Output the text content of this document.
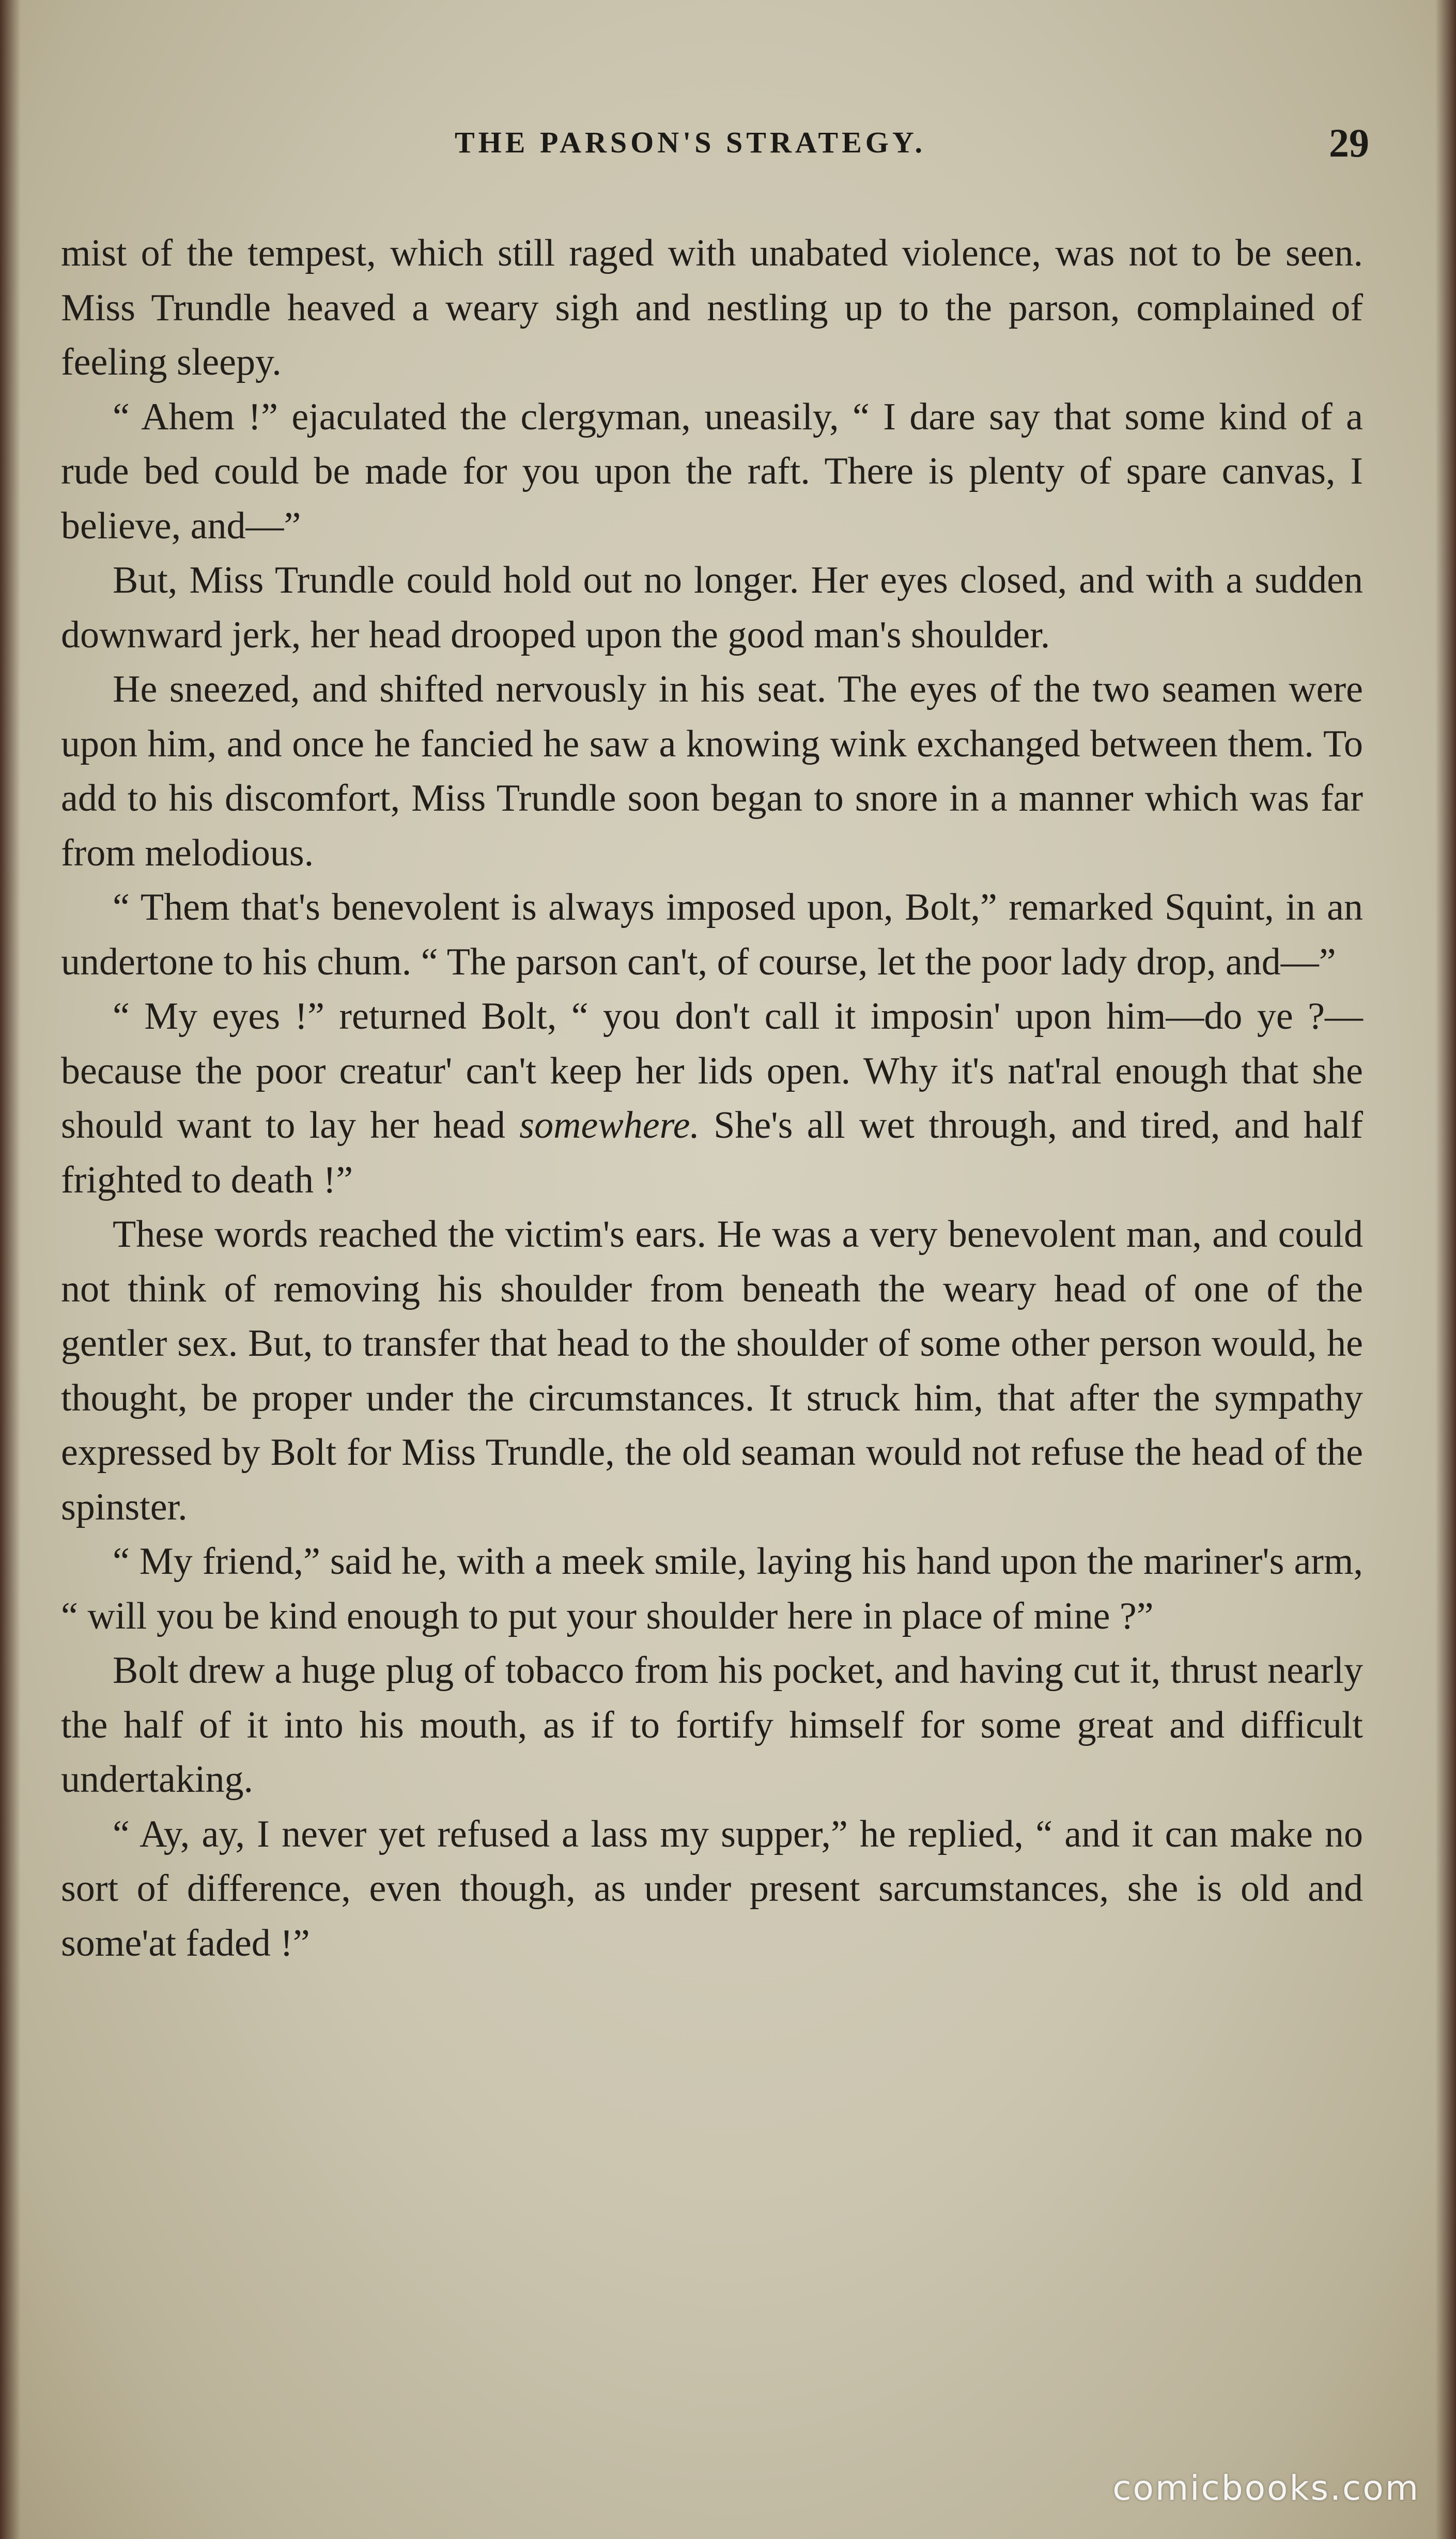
THE PARSON'S STRATEGY.	29

mist of the tempest, which still raged with unabated violence, was not to be seen. Miss Trundle heaved a weary sigh and nestling up to the parson, complained of feeling sleepy.

“ Ahem !” ejaculated the clergyman, uneasily, “ I dare say that some kind of a rude bed could be made for you upon the raft. There is plenty of spare canvas, I believe, and—”

But, Miss Trundle could hold out no longer. Her eyes closed, and with a sudden downward jerk, her head drooped upon the good man's shoulder.

He sneezed, and shifted nervously in his seat. The eyes of the two seamen were upon him, and once he fancied he saw a knowing wink exchanged between them. To add to his discomfort, Miss Trundle soon began to snore in a manner which was far from melodious.

“ Them that's benevolent is always imposed upon, Bolt,” remarked Squint, in an undertone to his chum. “ The parson can't, of course, let the poor lady drop, and—”

“ My eyes !” returned Bolt, “ you don't call it imposin' upon him—do ye ?—because the poor creatur' can't keep her lids open. Why it's nat'ral enough that she should want to lay her head somewhere. She's all wet through, and tired, and half frighted to death !”

These words reached the victim's ears. He was a very benevolent man, and could not think of removing his shoulder from beneath the weary head of one of the gentler sex. But, to transfer that head to the shoulder of some other person would, he thought, be proper under the circumstances. It struck him, that after the sympathy expressed by Bolt for Miss Trundle, the old seaman would not refuse the head of the spinster.

“ My friend,” said he, with a meek smile, laying his hand upon the mariner's arm, “ will you be kind enough to put your shoulder here in place of mine ?”

Bolt drew a huge plug of tobacco from his pocket, and having cut it, thrust nearly the half of it into his mouth, as if to fortify himself for some great and difficult undertaking.

“ Ay, ay, I never yet refused a lass my supper,” he replied, “ and it can make no sort of difference, even though, as under present sarcumstances, she is old and some'at faded !”

comicbooks.com
